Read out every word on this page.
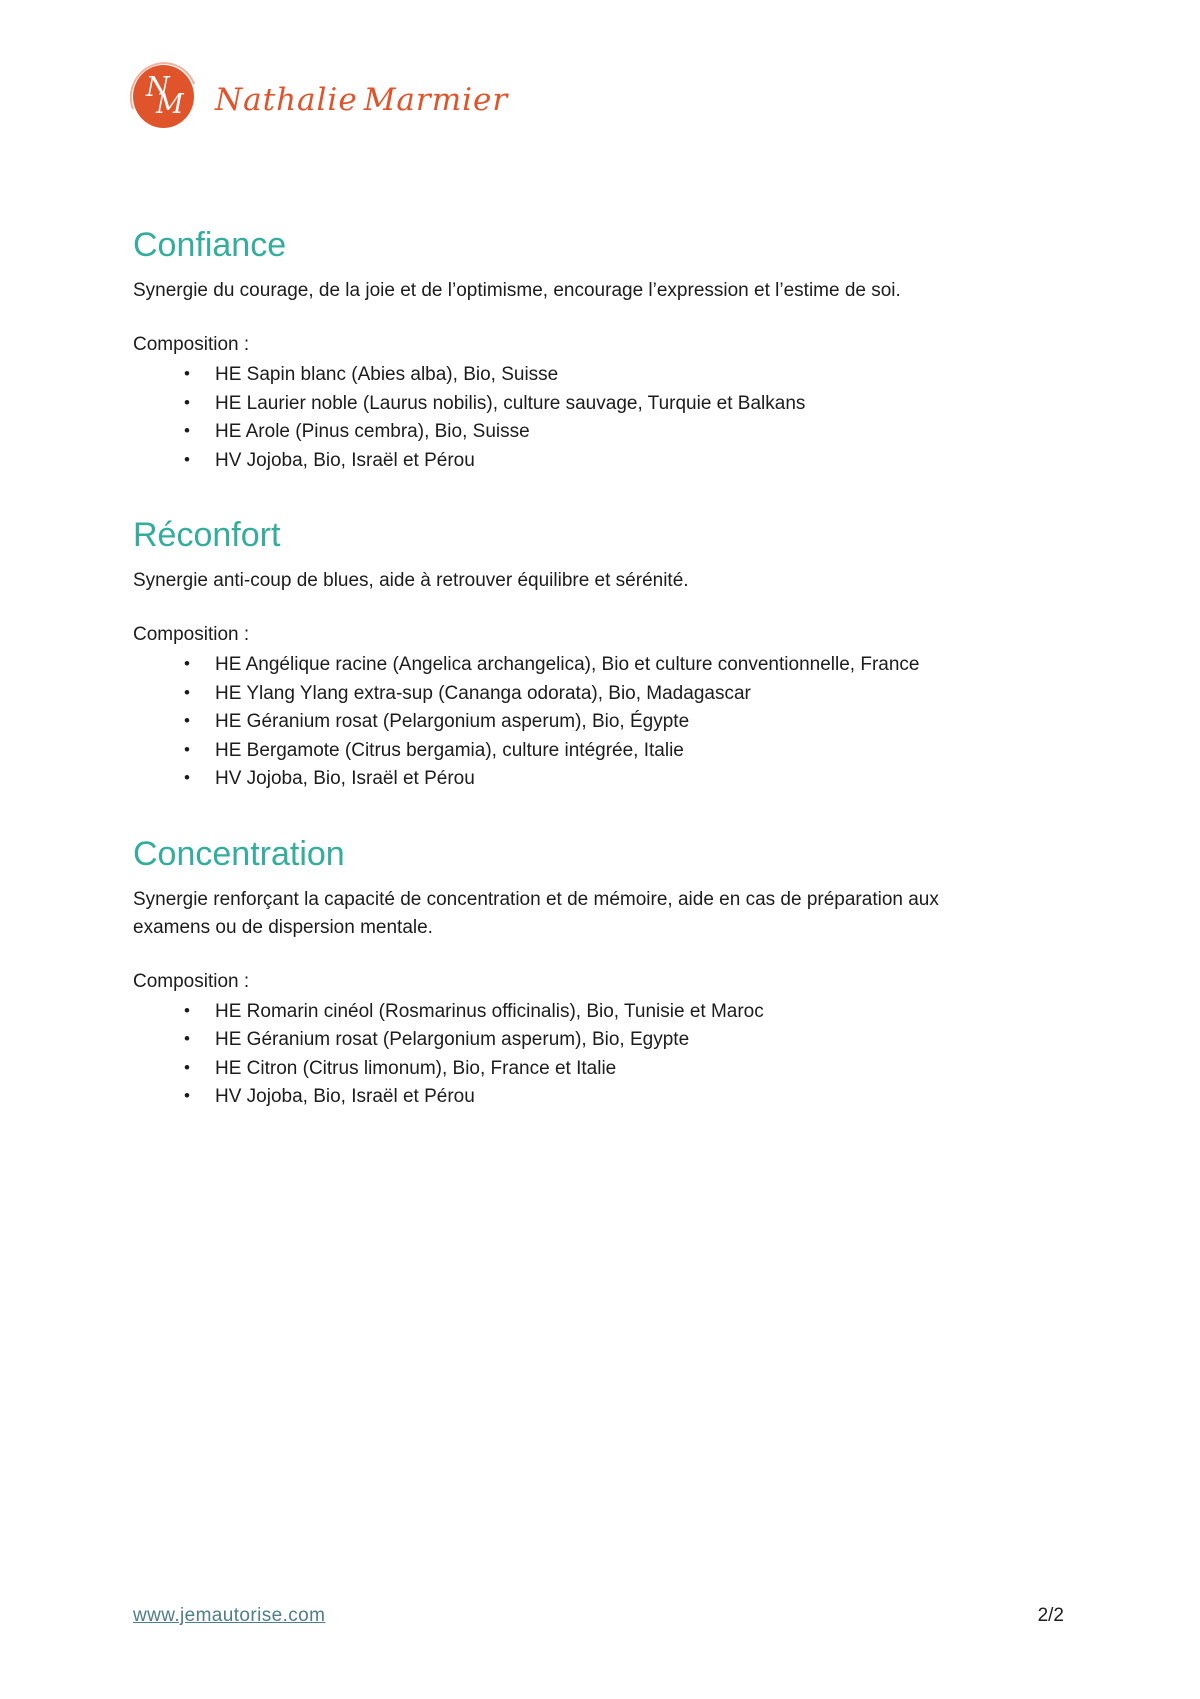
N
M Nathalie Marmier
Confiance

Synergie du courage, de la joie et de l’optimisme, encourage l’expression et l’estime de soi.

Composition :

• HE Sapin blanc (Abies alba), Bio, Suisse
• HE Laurier noble (Laurus nobilis), culture sauvage, Turquie et Balkans
• HE Arole (Pinus cembra), Bio, Suisse
• HV Jojoba, Bio, Israël et Pérou
Réconfort

Synergie anti-coup de blues, aide à retrouver équilibre et sérénité.

Composition :

• HE Angélique racine (Angelica archangelica), Bio et culture conventionnelle, France
• HE Ylang Ylang extra-sup (Cananga odorata), Bio, Madagascar
• HE Géranium rosat (Pelargonium asperum), Bio, Égypte
• HE Bergamote (Citrus bergamia), culture intégrée, Italie
• HV Jojoba, Bio, Israël et Pérou
Concentration

Synergie renforçant la capacité de concentration et de mémoire, aide en cas de préparation aux
examens ou de dispersion mentale.

Composition :

• HE Romarin cinéol (Rosmarinus officinalis), Bio, Tunisie et Maroc
• HE Géranium rosat (Pelargonium asperum), Bio, Egypte
• HE Citron (Citrus limonum), Bio, France et Italie
• HV Jojoba, Bio, Israël et Pérou
www.jemautorise.com	2/2
